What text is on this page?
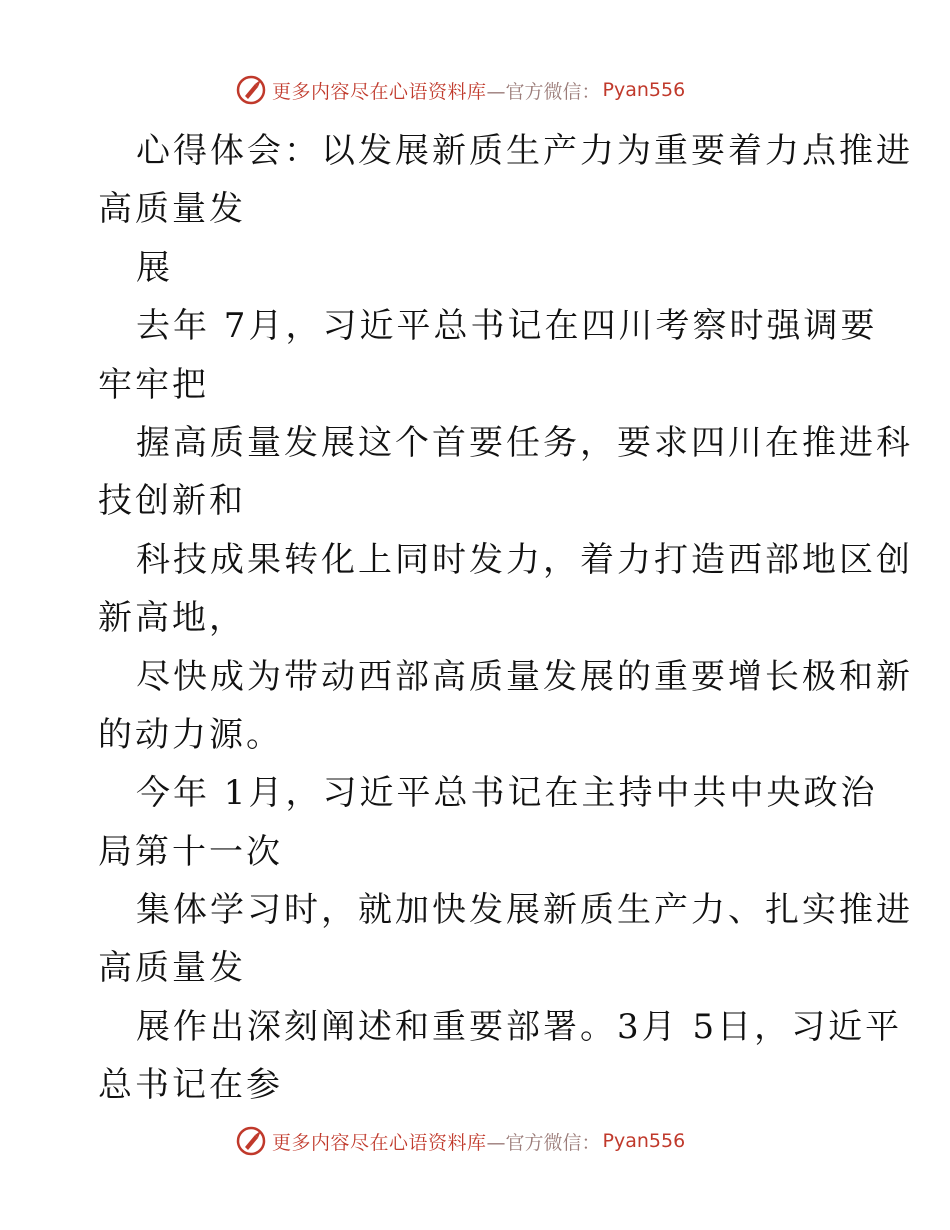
更多内容尽在心语资料库 —官方微信： Pyan556

心得体会：以发展新质生产力为重要着力点推进

高质量发

展

去年 7月，习近平总书记在四川考察时强调要

牢牢把

握高质量发展这个首要任务，要求四川在推进科

技创新和

科技成果转化上同时发力，着力打造西部地区创

新高地，

尽快成为带动西部高质量发展的重要增长极和新

的动力源。

今年 1月，习近平总书记在主持中共中央政治

局第十一次

集体学习时，就加快发展新质生产力、扎实推进

高质量发

展作出深刻阐述和重要部署。3月 5日，习近平

总书记在参

更多内容尽在心语资料库 —官方微信： Pyan556
